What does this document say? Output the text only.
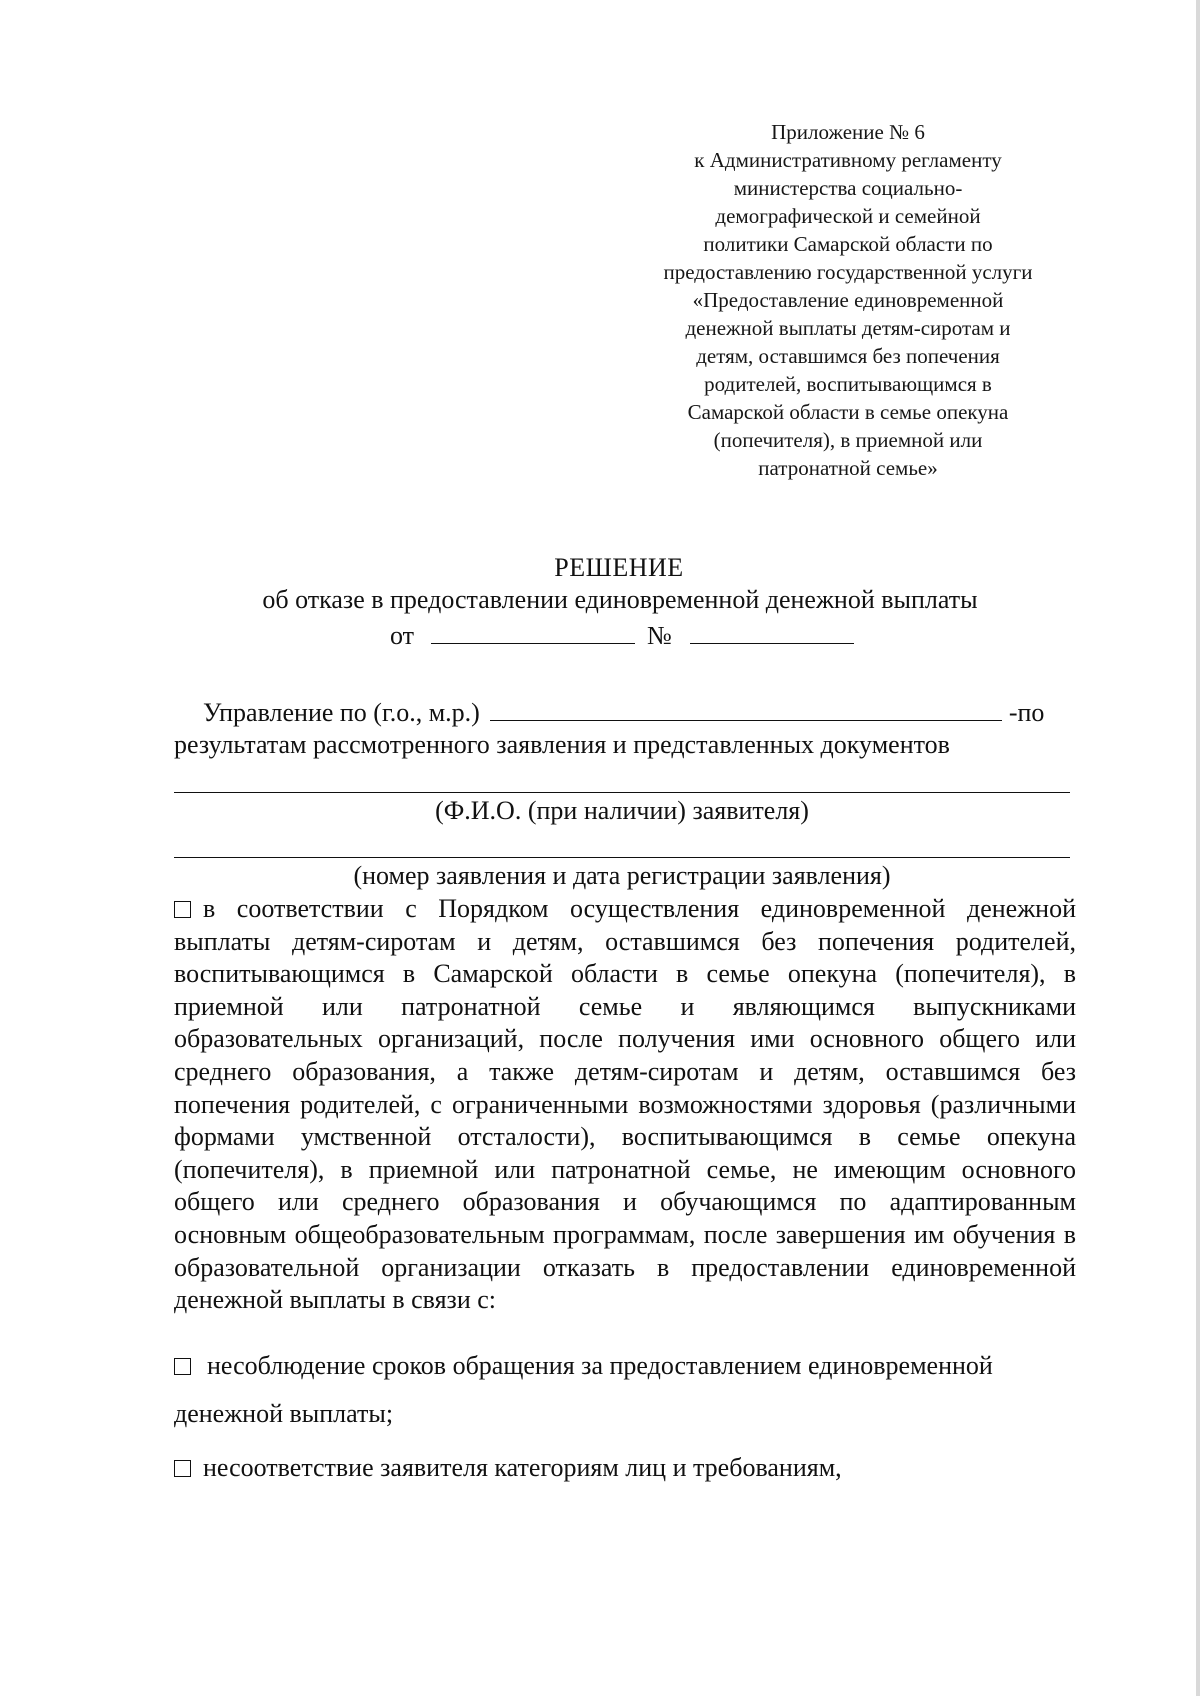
Приложение № 6
к Административному регламенту
министерства социально-
демографической и семейной
политики Самарской области по
предоставлению государственной услуги
«Предоставление единовременной
денежной выплаты детям-сиротам и
детям, оставшимся без попечения
родителей, воспитывающимся в
Самарской области в семье опекуна
(попечителя), в приемной или
патронатной семье»
РЕШЕНИЕ
об отказе в предоставлении единовременной денежной выплаты
от	№
Управление по (г.о., м.р.)	-по
результатам рассмотренного заявления и представленных документов
(Ф.И.О. (при наличии) заявителя)
(номер заявления и дата регистрации заявления)
в соответствии с Порядком осуществления единовременной денежной выплаты детям-сиротам и детям, оставшимся без попечения родителей, воспитывающимся в Самарской области в семье опекуна (попечителя), в приемной или патронатной семье и являющимся выпускниками образовательных организаций, после получения ими основного общего или среднего образования, а также детям-сиротам и детям, оставшимся без попечения родителей, с ограниченными возможностями здоровья (различными формами умственной отсталости), воспитывающимся в семье опекуна (попечителя), в приемной или патронатной семье, не имеющим основного общего или среднего образования и обучающимся по адаптированным основным общеобразовательным программам, после завершения им обучения в образовательной организации отказать в предоставлении единовременной денежной выплаты в связи с:
несоблюдение сроков обращения за предоставлением единовременной
денежной выплаты;
несоответствие заявителя категориям лиц и требованиям,
